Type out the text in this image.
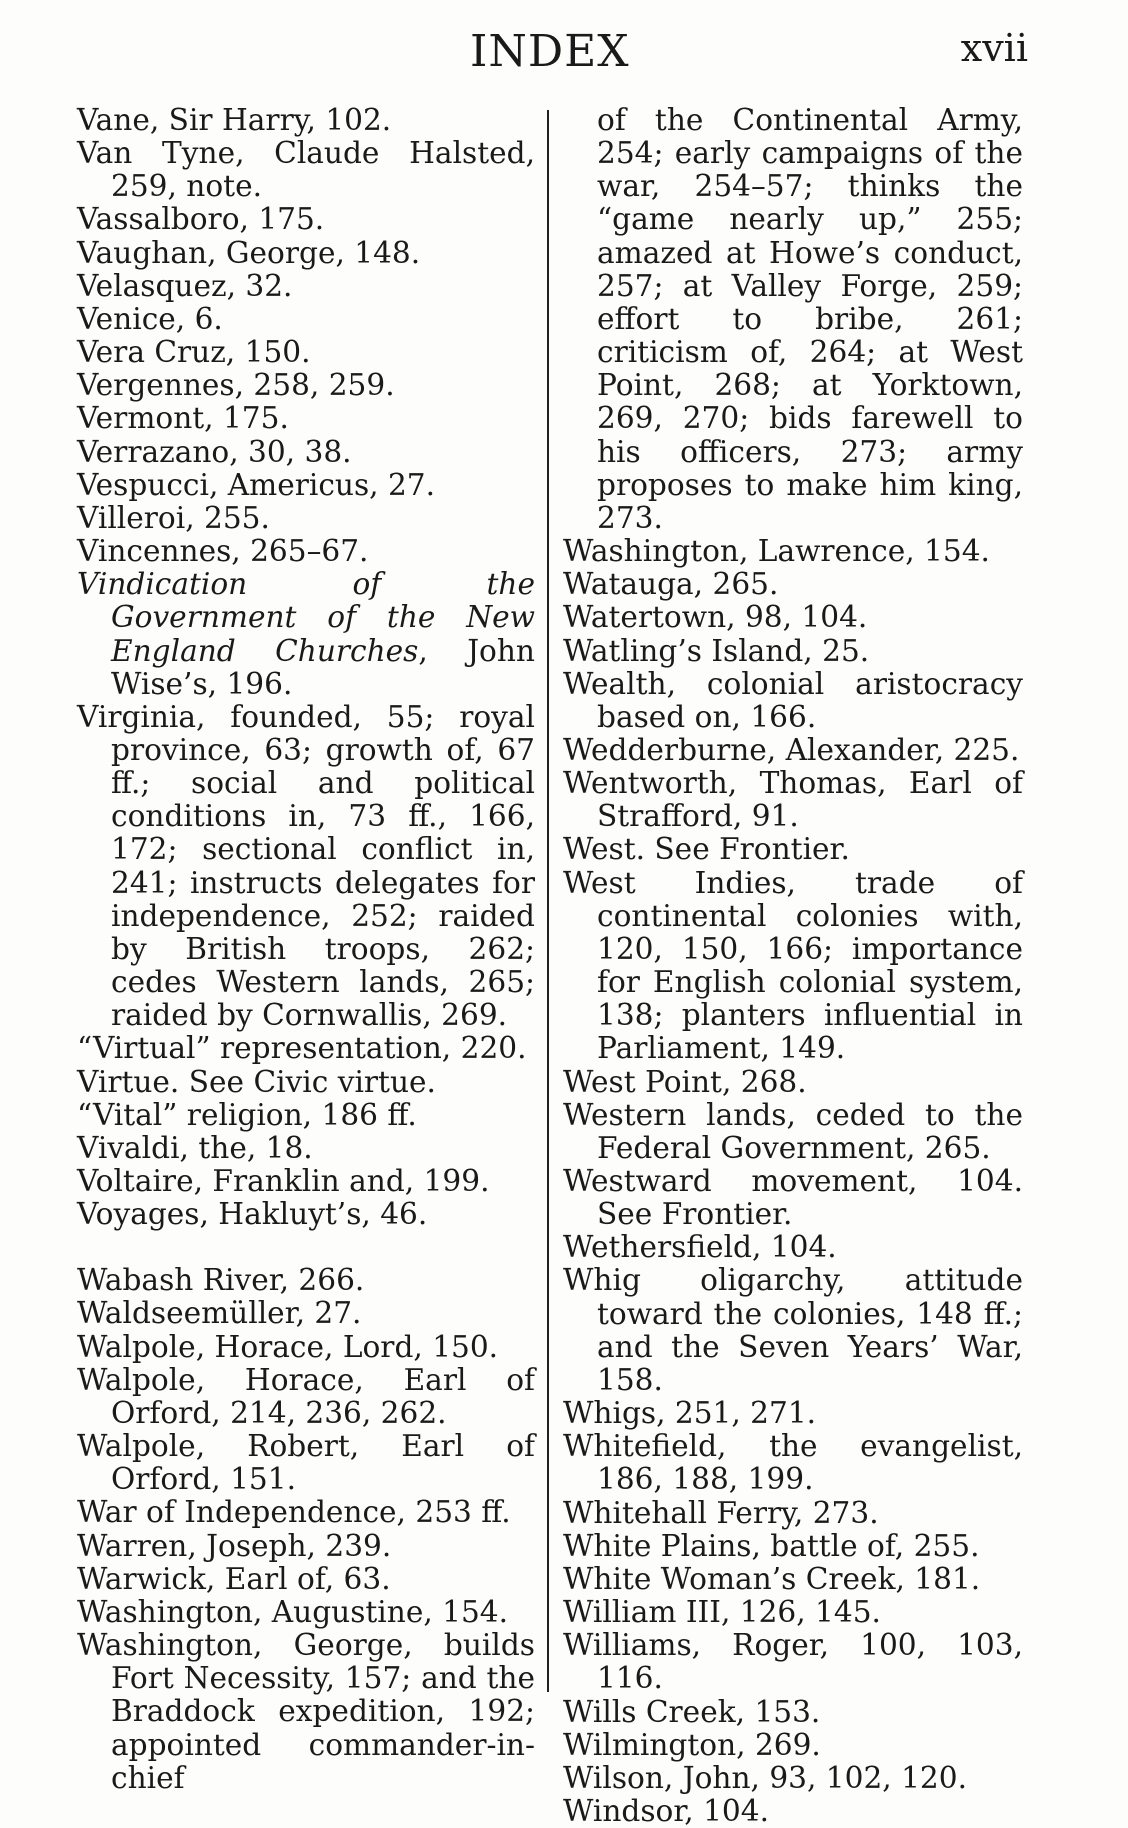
INDEX	xvii

Vane, Sir Harry, 102.

Van Tyne, Claude Halsted, 259, note.

Vassalboro, 175.

Vaughan, George, 148.

Velasquez, 32.

Venice, 6.

Vera Cruz, 150.

Vergennes, 258, 259.

Vermont, 175.

Verrazano, 30, 38.

Vespucci, Americus, 27.

Villeroi, 255.

Vincennes, 265–67.

Vindication of the Government of the New England Churches, John Wise’s, 196.

Virginia, founded, 55; royal province, 63; growth of, 67 ff.; social and political conditions in, 73 ff., 166, 172; sectional conflict in, 241; instructs delegates for independence, 252; raided by British troops, 262; cedes Western lands, 265; raided by Cornwallis, 269.

“Virtual” representation, 220.

Virtue. See Civic virtue.

“Vital” religion, 186 ff.

Vivaldi, the, 18.

Voltaire, Franklin and, 199.

Voyages, Hakluyt’s, 46.

Wabash River, 266.

Waldseemüller, 27.

Walpole, Horace, Lord, 150.

Walpole, Horace, Earl of Orford, 214, 236, 262.

Walpole, Robert, Earl of Orford, 151.

War of Independence, 253 ff.

Warren, Joseph, 239.

Warwick, Earl of, 63.

Washington, Augustine, 154.

Washington, George, builds Fort Necessity, 157; and the Braddock expedition, 192; appointed commander-in-chief

of the Continental Army, 254; early campaigns of the war, 254–57; thinks the “game nearly up,” 255; amazed at Howe’s conduct, 257; at Valley Forge, 259; effort to bribe, 261; criticism of, 264; at West Point, 268; at Yorktown, 269, 270; bids farewell to his officers, 273; army proposes to make him king, 273.

Washington, Lawrence, 154.

Watauga, 265.

Watertown, 98, 104.

Watling’s Island, 25.

Wealth, colonial aristocracy based on, 166.

Wedderburne, Alexander, 225.

Wentworth, Thomas, Earl of Strafford, 91.

West. See Frontier.

West Indies, trade of continental colonies with, 120, 150, 166; importance for English colonial system, 138; planters influential in Parliament, 149.

West Point, 268.

Western lands, ceded to the Federal Government, 265.

Westward movement, 104. See Frontier.

Wethersfield, 104.

Whig oligarchy, attitude toward the colonies, 148 ff.; and the Seven Years’ War, 158.

Whigs, 251, 271.

Whitefield, the evangelist, 186, 188, 199.

Whitehall Ferry, 273.

White Plains, battle of, 255.

White Woman’s Creek, 181.

William III, 126, 145.

Williams, Roger, 100, 103, 116.

Wills Creek, 153.

Wilmington, 269.

Wilson, John, 93, 102, 120.

Windsor, 104.
